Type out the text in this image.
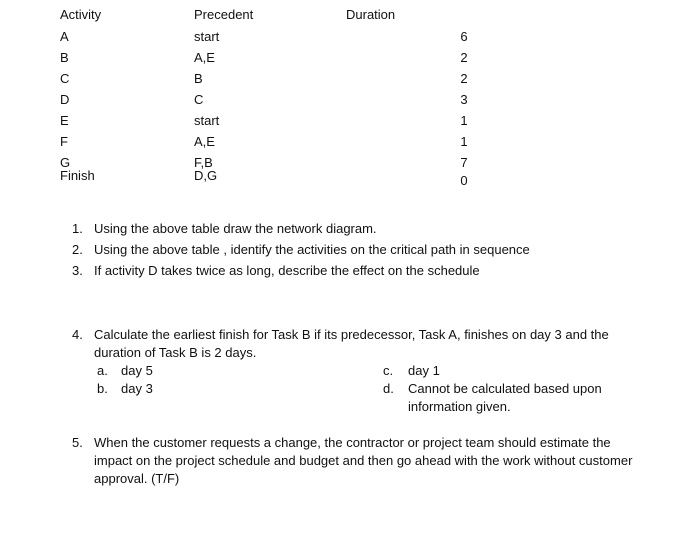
Activity	Precedent	Duration
A	start	6
B	A,E	2
C	B	2
D	C	3
E	start	1
F	A,E	1
G	F,B	7
Finish	D,G	0
1. Using the above table draw the network diagram.
2. Using the above table , identify the activities on the critical path in sequence
3. If activity D takes twice as long, describe the effect on the schedule
4. Calculate the earliest finish for Task B if its predecessor, Task A, finishes on day 3 and the
duration of Task B is 2 days.
a. day 5
b. day 3
c. day 1
d. Cannot be calculated based upon
information given.
5. When the customer requests a change, the contractor or project team should estimate the
impact on the project schedule and budget and then go ahead with the work without customer
approval. (T/F)
